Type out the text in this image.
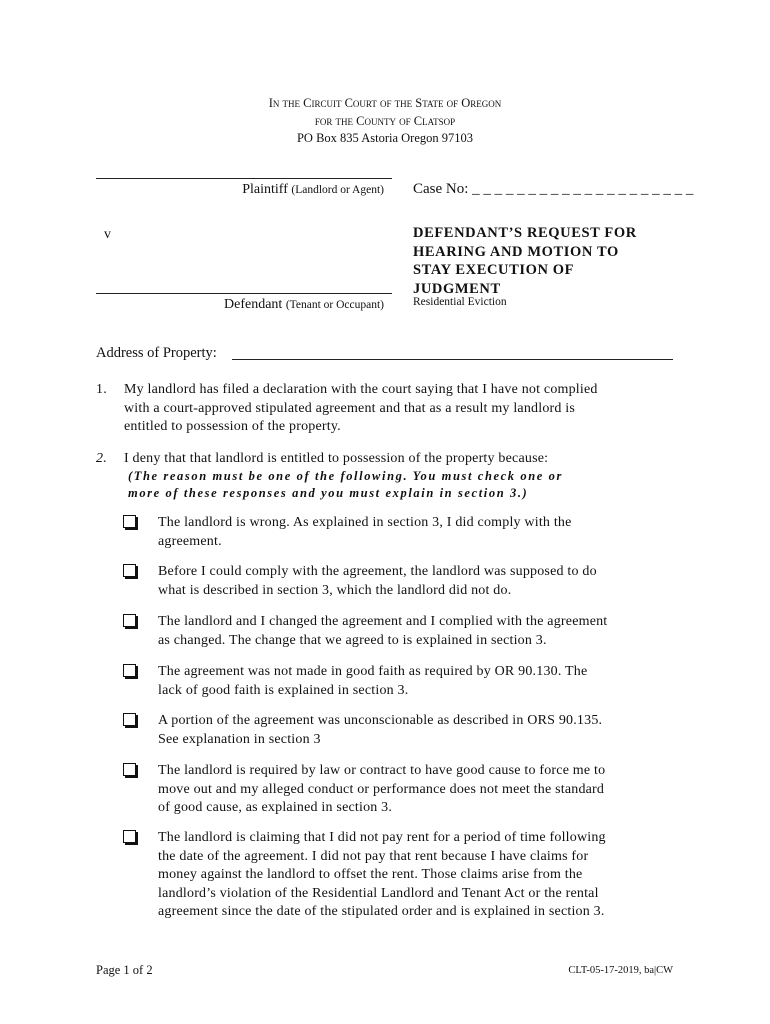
In the Circuit Court of the State of Oregon
for the County of Clatsop
PO Box 835 Astoria Oregon 97103
Plaintiff (Landlord or Agent)
v
Defendant (Tenant or Occupant)
Case No: _ _ _ _ _ _ _ _ _ _ _ _ _ _ _ _ _ _ _ _
DEFENDANT’S REQUEST FOR
HEARING AND MOTION TO
STAY EXECUTION OF
JUDGMENT
Residential Eviction
Address of Property:
1.	My landlord has filed a declaration with the court saying that I have not complied
with a court-approved stipulated agreement and that as a result my landlord is
entitled to possession of the property.
2.	I deny that that landlord is entitled to possession of the property because:
(The reason must be one of the following. You must check one or
more of these responses and you must explain in section 3.)
The landlord is wrong. As explained in section 3, I did comply with the
agreement.
Before I could comply with the agreement, the landlord was supposed to do
what is described in section 3, which the landlord did not do.
The landlord and I changed the agreement and I complied with the agreement
as changed. The change that we agreed to is explained in section 3.
The agreement was not made in good faith as required by OR 90.130. The
lack of good faith is explained in section 3.
A portion of the agreement was unconscionable as described in ORS 90.135.
See explanation in section 3
The landlord is required by law or contract to have good cause to force me to
move out and my alleged conduct or performance does not meet the standard
of good cause, as explained in section 3.
The landlord is claiming that I did not pay rent for a period of time following
the date of the agreement. I did not pay that rent because I have claims for
money against the landlord to offset the rent. Those claims arise from the
landlord’s violation of the Residential Landlord and Tenant Act or the rental
agreement since the date of the stipulated order and is explained in section 3.
Page 1 of 2	CLT-05-17-2019, ba|CW
